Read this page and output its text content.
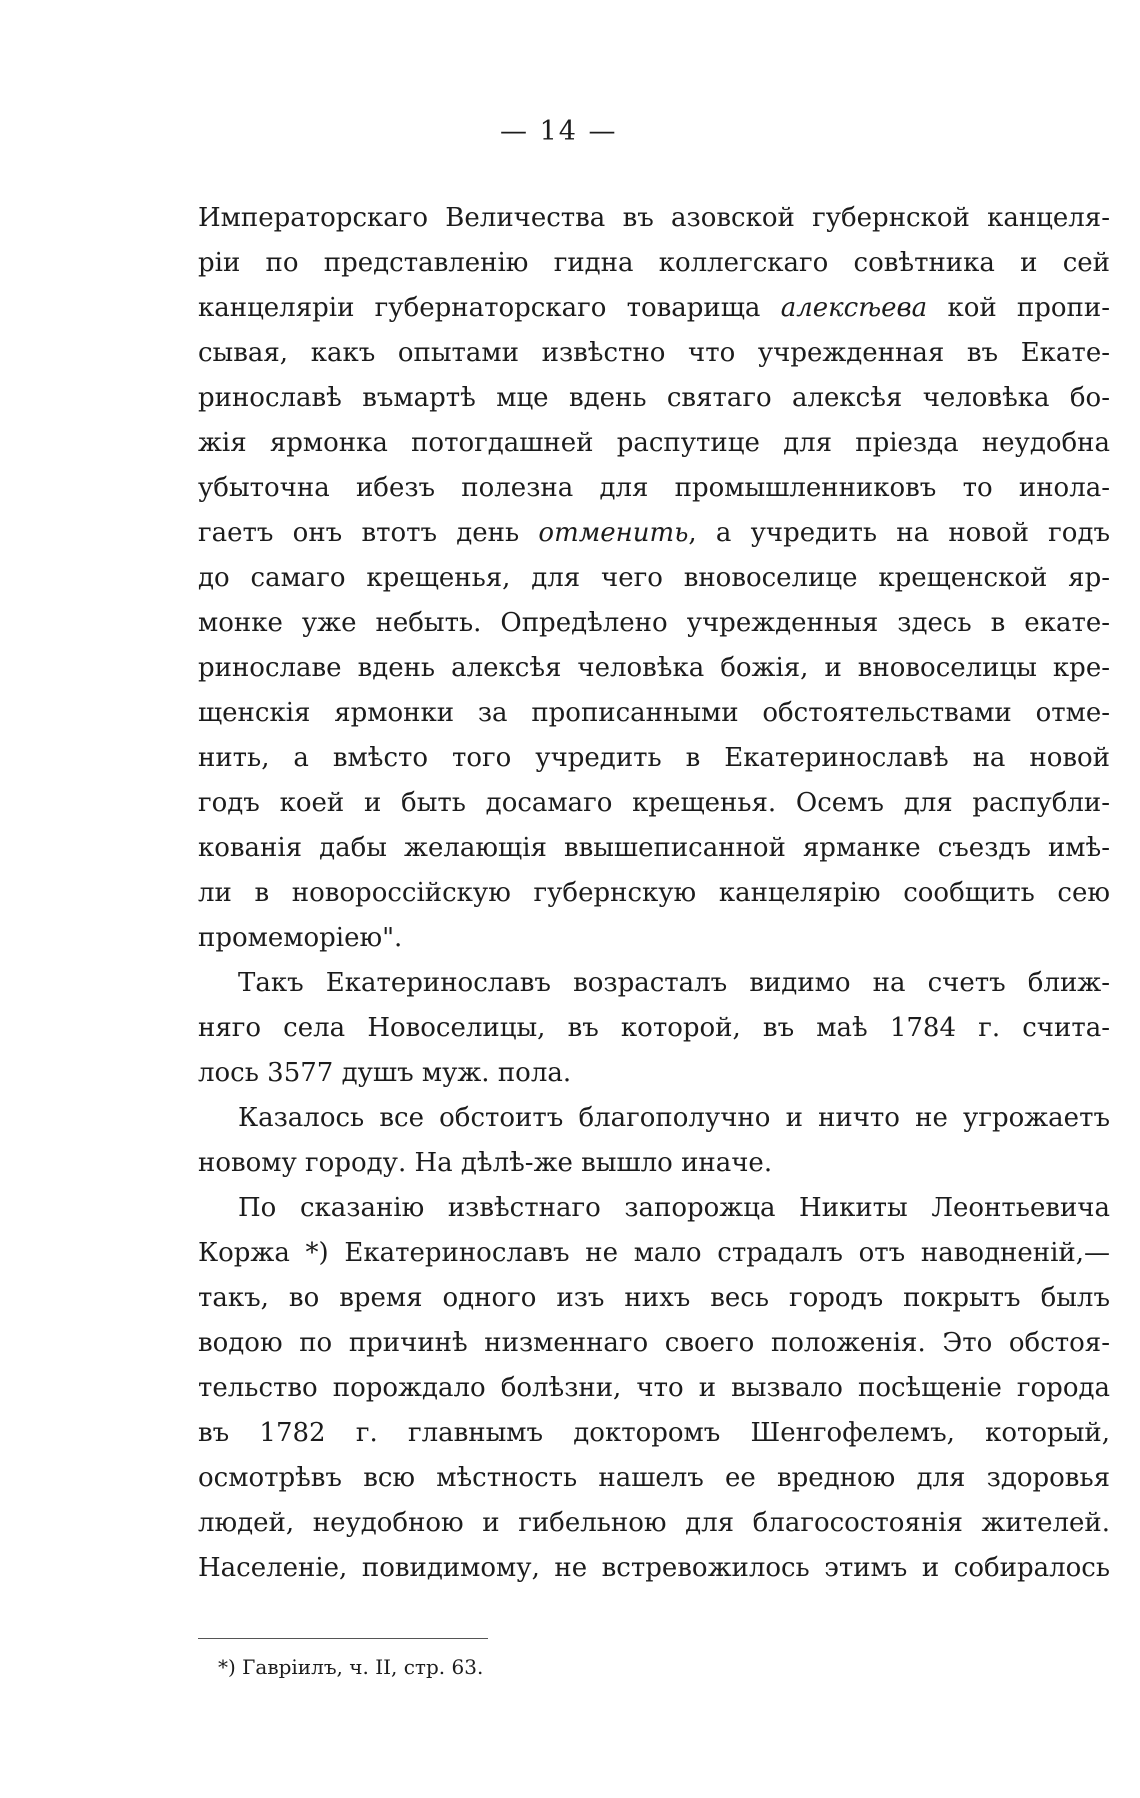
— 14 —
Императорскаго Величества въ азовской губернской канцеля-
ріи по представленію гидна коллегскаго совѣтника и сей
канцеляріи губернаторскаго товарища алексѣева кой пропи-
сывая, какъ опытами извѣстно что учрежденная въ Екате-
ринославѣ въмартѣ мце вдень святаго алексѣя человѣка бо-
жія ярмонка потогдашней распутице для пріезда неудобна
убыточна ибезъ полезна для промышленниковъ то инола-
гаетъ онъ втотъ день отменить, а учредить на новой годъ
до самаго крещенья, для чего вновоселице крещенской яр-
монке уже небыть. Опредѣлено учрежденныя здесь в екате-
ринославе вдень алексѣя человѣка божія, и вновоселицы кре-
щенскія ярмонки за прописанными обстоятельствами отме-
нить, а вмѣсто того учредить в Екатеринославѣ на новой
годъ коей и быть досамаго крещенья. Осемъ для распубли-
кованія дабы желающія ввышеписанной ярманке съездъ имѣ-
ли в новороссійскую губернскую канцелярію сообщить сею
промеморіею".
Такъ Екатеринославъ возрасталъ видимо на счетъ ближ-
няго села Новоселицы, въ которой, въ маѣ 1784 г. счита-
лось 3577 душъ муж. пола.
Казалось все обстоитъ благополучно и ничто не угрожаетъ
новому городу. На дѣлѣ-же вышло иначе.
По сказанію извѣстнаго запорожца Никиты Леонтьевича
Коржа *) Екатеринославъ не мало страдалъ отъ наводненій,—
такъ, во время одного изъ нихъ весь городъ покрытъ былъ
водою по причинѣ низменнаго своего положенія. Это обстоя-
тельство порождало болѣзни, что и вызвало посѣщеніе города
въ 1782 г. главнымъ докторомъ Шенгофелемъ, который,
осмотрѣвъ всю мѣстность нашелъ ее вредною для здоровья
людей, неудобною и гибельною для благосостоянія жителей.
Населеніе, повидимому, не встревожилось этимъ и собиралось
*) Гавріилъ, ч. II, стр. 63.
